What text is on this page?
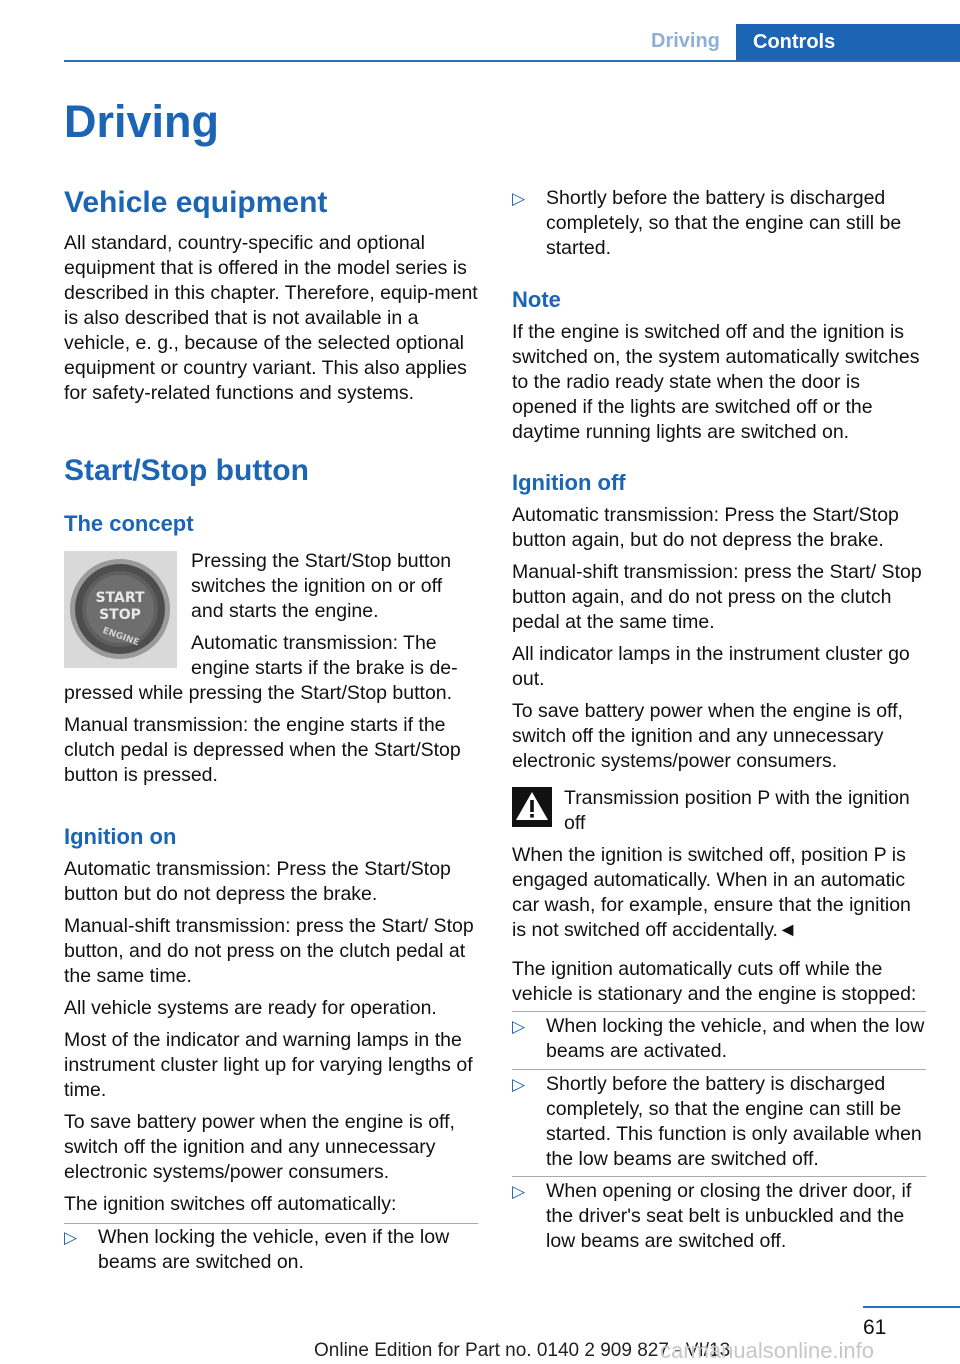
Driving	Controls
Driving
Vehicle equipment

All standard, country-specific and optional equipment that is offered in the model series is described in this chapter. Therefore, equip-ment is also described that is not available in a vehicle, e. g., because of the selected optional equipment or country variant. This also applies for safety-related functions and systems.

Start/Stop button
The concept
START
STOP
ENGINE

Pressing the Start/Stop button switches the ignition on or off and starts the engine.

Automatic transmission: The engine starts if the brake is de-

pressed while pressing the Start/Stop button.

Manual transmission: the engine starts if the clutch pedal is depressed when the Start/Stop button is pressed.

Ignition on

Automatic transmission: Press the Start/Stop button but do not depress the brake.

Manual-shift transmission: press the Start/ Stop button, and do not press on the clutch pedal at the same time.

All vehicle systems are ready for operation.

Most of the indicator and warning lamps in the instrument cluster light up for varying lengths of time.

To save battery power when the engine is off, switch off the ignition and any unnecessary electronic systems/power consumers.

The ignition switches off automatically:

▷	When locking the vehicle, even if the low beams are switched on.
▷	Shortly before the battery is discharged completely, so that the engine can still be started.
Note

If the engine is switched off and the ignition is switched on, the system automatically switches to the radio ready state when the door is opened if the lights are switched off or the daytime running lights are switched on.

Ignition off

Automatic transmission: Press the Start/Stop button again, but do not depress the brake.

Manual-shift transmission: press the Start/ Stop button again, and do not press on the clutch pedal at the same time.

All indicator lamps in the instrument cluster go out.

To save battery power when the engine is off, switch off the ignition and any unnecessary electronic systems/power consumers.

Transmission position P with the ignition off

When the ignition is switched off, position P is engaged automatically. When in an automatic car wash, for example, ensure that the ignition is not switched off accidentally.◄

The ignition automatically cuts off while the vehicle is stationary and the engine is stopped:

▷	When locking the vehicle, and when the low beams are activated.
▷	Shortly before the battery is discharged completely, so that the engine can still be started. This function is only available when the low beams are switched off.
▷	When opening or closing the driver door, if the driver's seat belt is unbuckled and the low beams are switched off.
61
Online Edition for Part no. 0140 2 909 827 - VI/13
carmanualsonline.info
